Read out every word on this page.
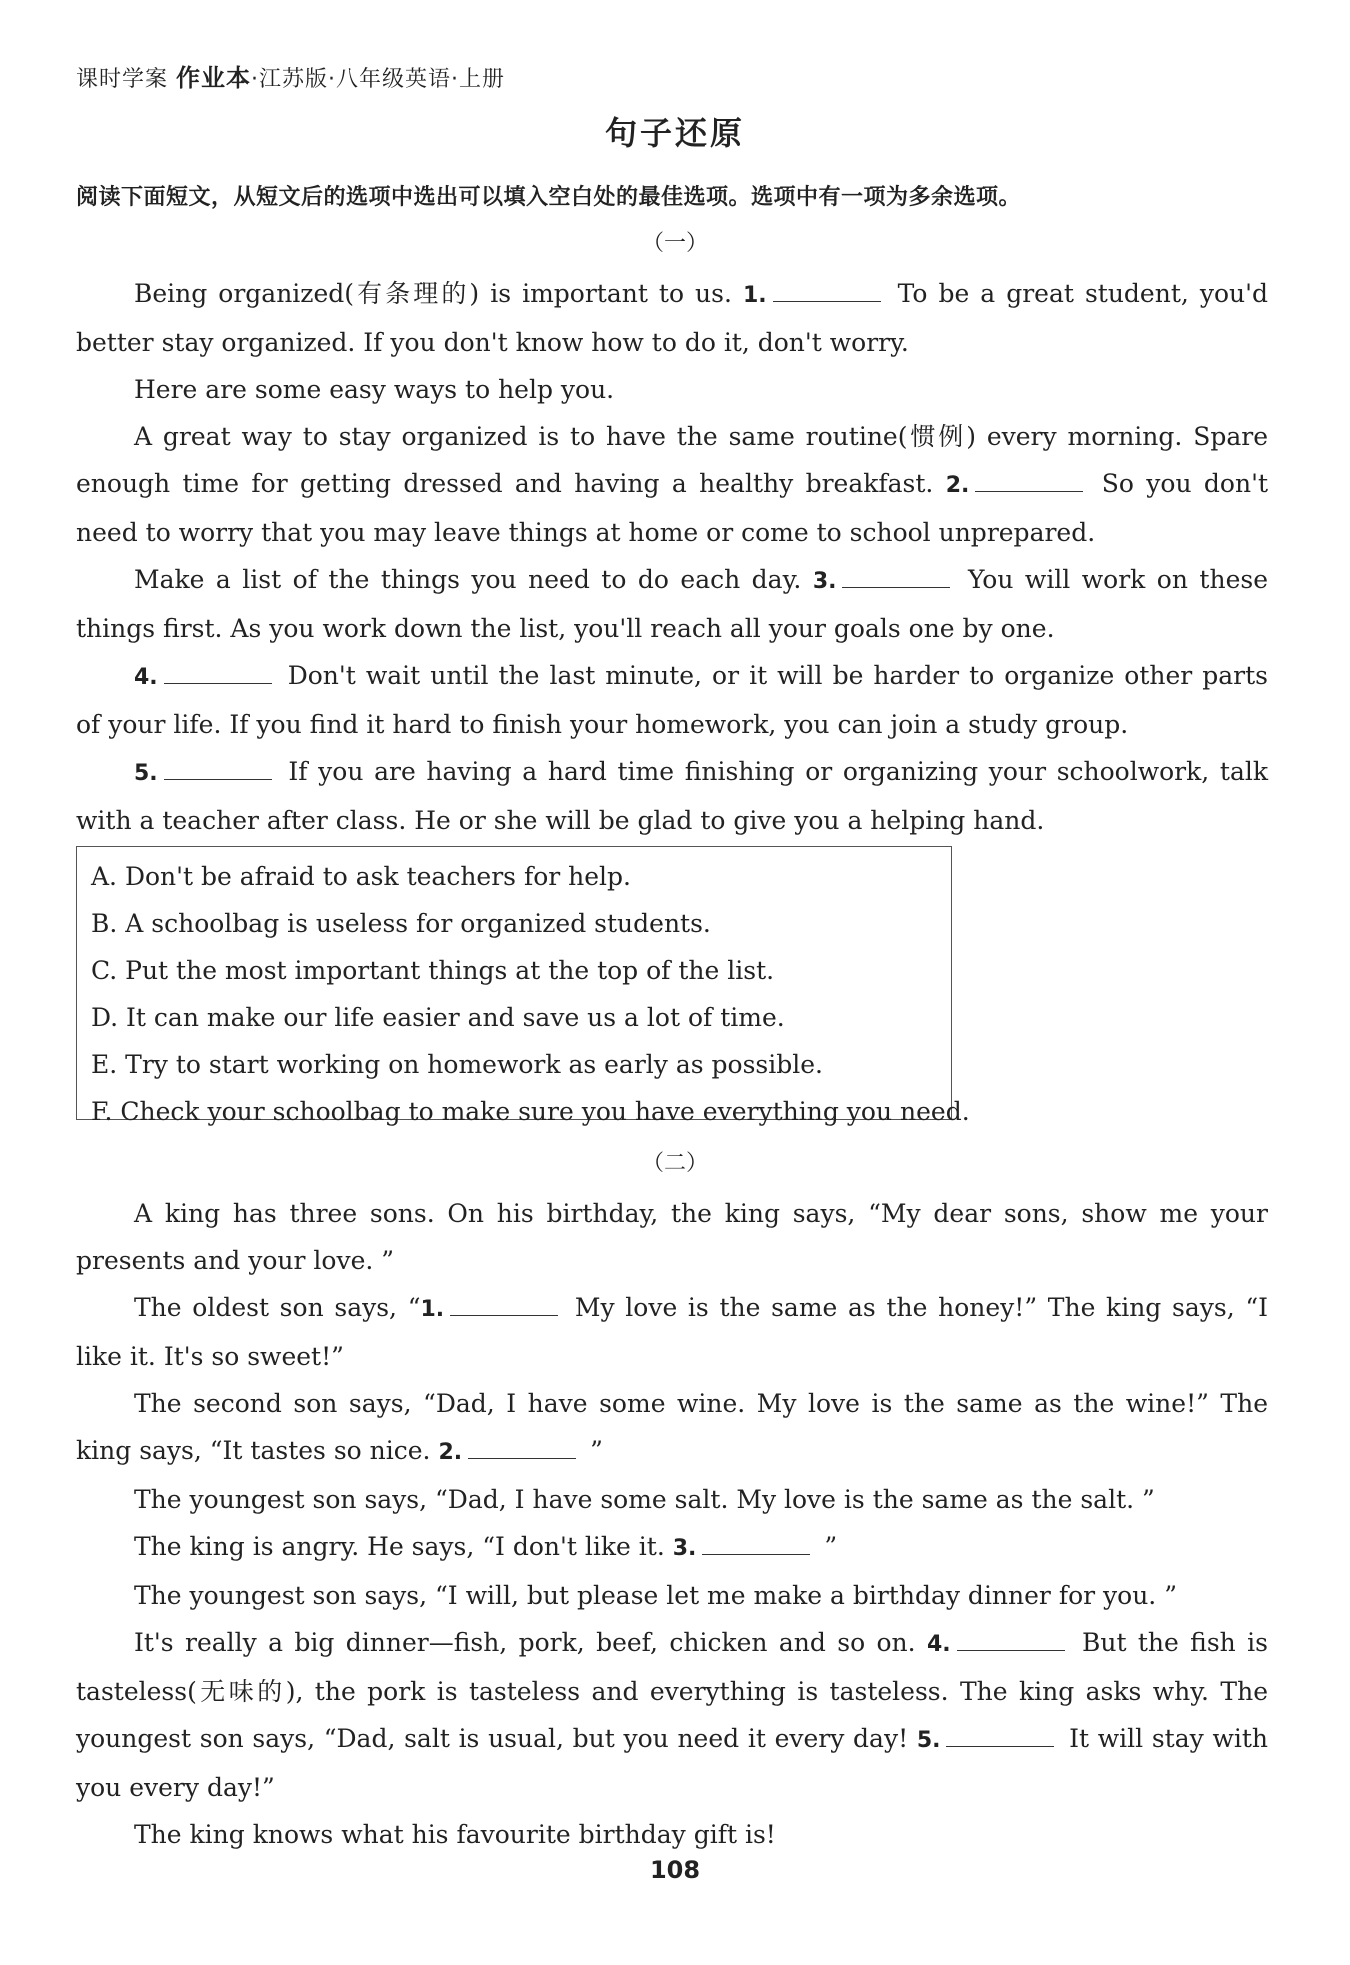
课时学案 作业本·江苏版·八年级英语·上册
句子还原
阅读下面短文，从短文后的选项中选出可以填入空白处的最佳选项。选项中有一项为多余选项。
（一）

Being organized(有条理的) is important to us. 1.	To be a great student, you'd better stay organized. If you don't know how to do it, don't worry.

Here are some easy ways to help you.

A great way to stay organized is to have the same routine(惯例) every morning. Spare enough time for getting dressed and having a healthy breakfast. 2.	So you don't need to worry that you may leave things at home or come to school unprepared.

Make a list of the things you need to do each day. 3.	You will work on these things first. As you work down the list, you'll reach all your goals one by one.

4.	Don't wait until the last minute, or it will be harder to organize other parts of your life. If you find it hard to finish your homework, you can join a study group.

5.	If you are having a hard time finishing or organizing your schoolwork, talk with a teacher after class. He or she will be glad to give you a helping hand.

A. Don't be afraid to ask teachers for help.
B. A schoolbag is useless for organized students.
C. Put the most important things at the top of the list.
D. It can make our life easier and save us a lot of time.
E. Try to start working on homework as early as possible.
F. Check your schoolbag to make sure you have everything you need.
（二）

A king has three sons. On his birthday, the king says, “My dear sons, show me your presents and your love. ”

The oldest son says, “1.	My love is the same as the honey!” The king says, “I like it. It's so sweet!”

The second son says, “Dad, I have some wine. My love is the same as the wine!” The king says, “It tastes so nice. 2.	”

The youngest son says, “Dad, I have some salt. My love is the same as the salt. ”

The king is angry. He says, “I don't like it. 3.	”

The youngest son says, “I will, but please let me make a birthday dinner for you. ”

It's really a big dinner—fish, pork, beef, chicken and so on. 4.	But the fish is tasteless(无味的), the pork is tasteless and everything is tasteless. The king asks why. The youngest son says, “Dad, salt is usual, but you need it every day! 5.	It will stay with you every day!”

The king knows what his favourite birthday gift is!

108
